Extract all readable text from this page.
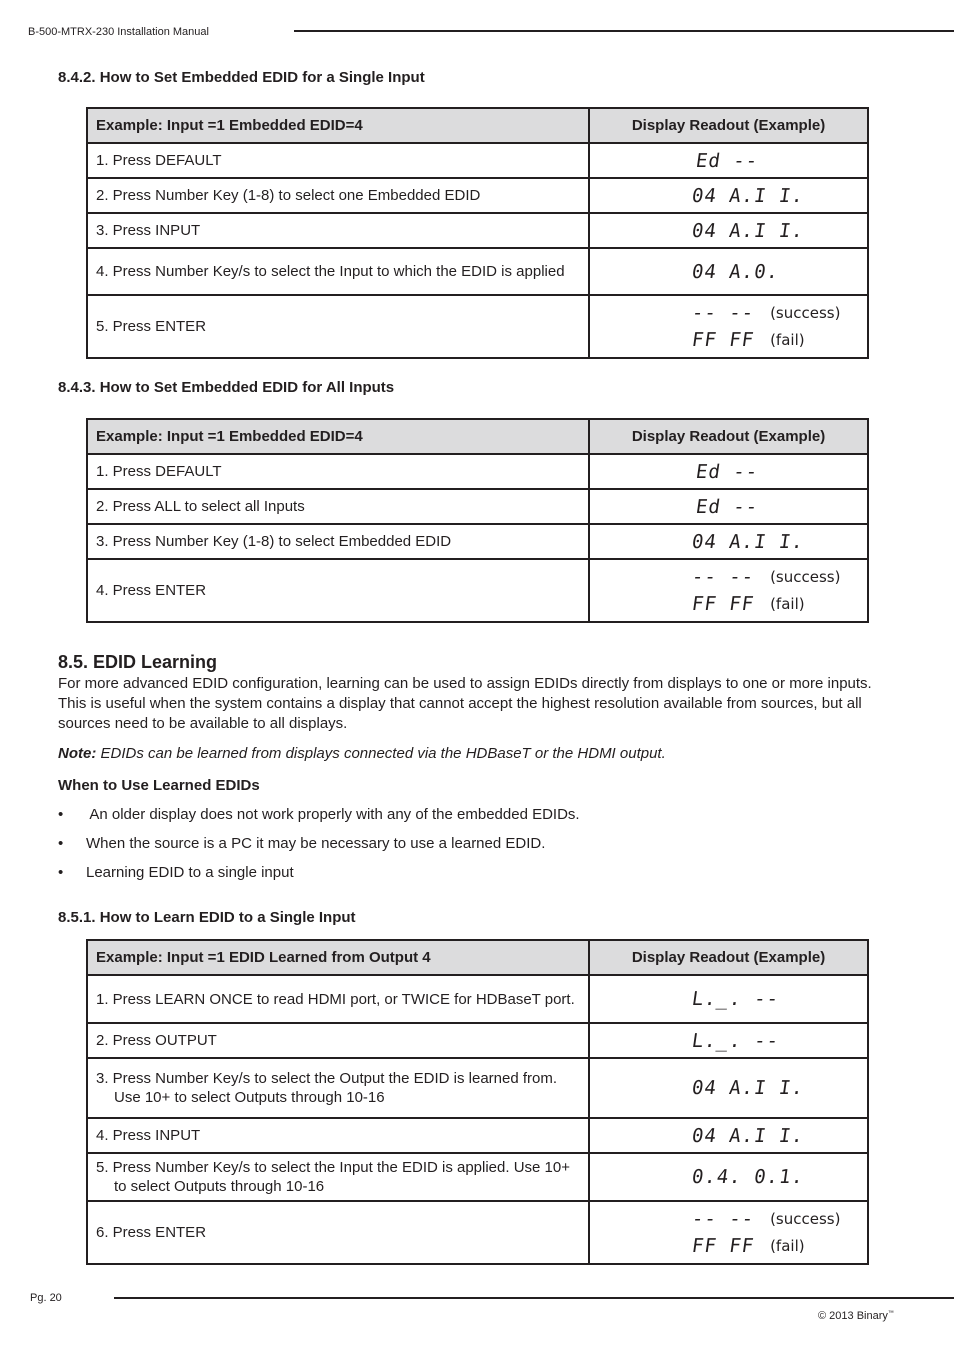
B-500-MTRX-230 Installation Manual
8.4.2. How to Set Embedded EDID for a Single Input
Example: Input =1 Embedded EDID=4	Display Readout (Example)
1. Press DEFAULT	Ed --

2. Press Number Key (1-8) to select one Embedded EDID	04 A.I I.

3. Press INPUT	04 A.I I.

4. Press Number Key/s to select the Input to which the EDID is applied	04 A.0.

5. Press ENTER	-- -- (success)
FF FF (fail)
8.4.3. How to Set Embedded EDID for All Inputs
Example: Input =1 Embedded EDID=4	Display Readout (Example)
1. Press DEFAULT	Ed --

2. Press ALL to select all Inputs	Ed --

3. Press Number Key (1-8) to select Embedded EDID	04 A.I I.

4. Press ENTER	-- -- (success)
FF FF (fail)
8.5. EDID Learning
For more advanced EDID configuration, learning can be used to assign EDIDs directly from displays to one or more inputs. This is useful when the system contains a display that cannot accept the highest resolution available from sources, but all sources need to be available to all displays.
Note: EDIDs can be learned from displays connected via the HDBaseT or the HDMI output.
When to Use Learned EDIDs
• An older display does not work properly with any of the embedded EDIDs.
• When the source is a PC it may be necessary to use a learned EDID.
• Learning EDID to a single input
8.5.1. How to Learn EDID to a Single Input
Example: Input =1 EDID Learned from Output 4	Display Readout (Example)

1. Press LEARN ONCE to read HDMI port, or TWICE for HDBaseT port.	L._. --

2. Press OUTPUT	L._. --

3. Press Number Key/s to select the Output the EDID is learned from. Use 10+ to select Outputs through 10-16	04 A.I I.

4. Press INPUT	04 A.I I.

5. Press Number Key/s to select the Input the EDID is applied. Use 10+ to select Outputs through 10-16	0.4. 0.1.

6. Press ENTER	-- -- (success)
FF FF (fail)
Pg. 20
© 2013 Binary™
